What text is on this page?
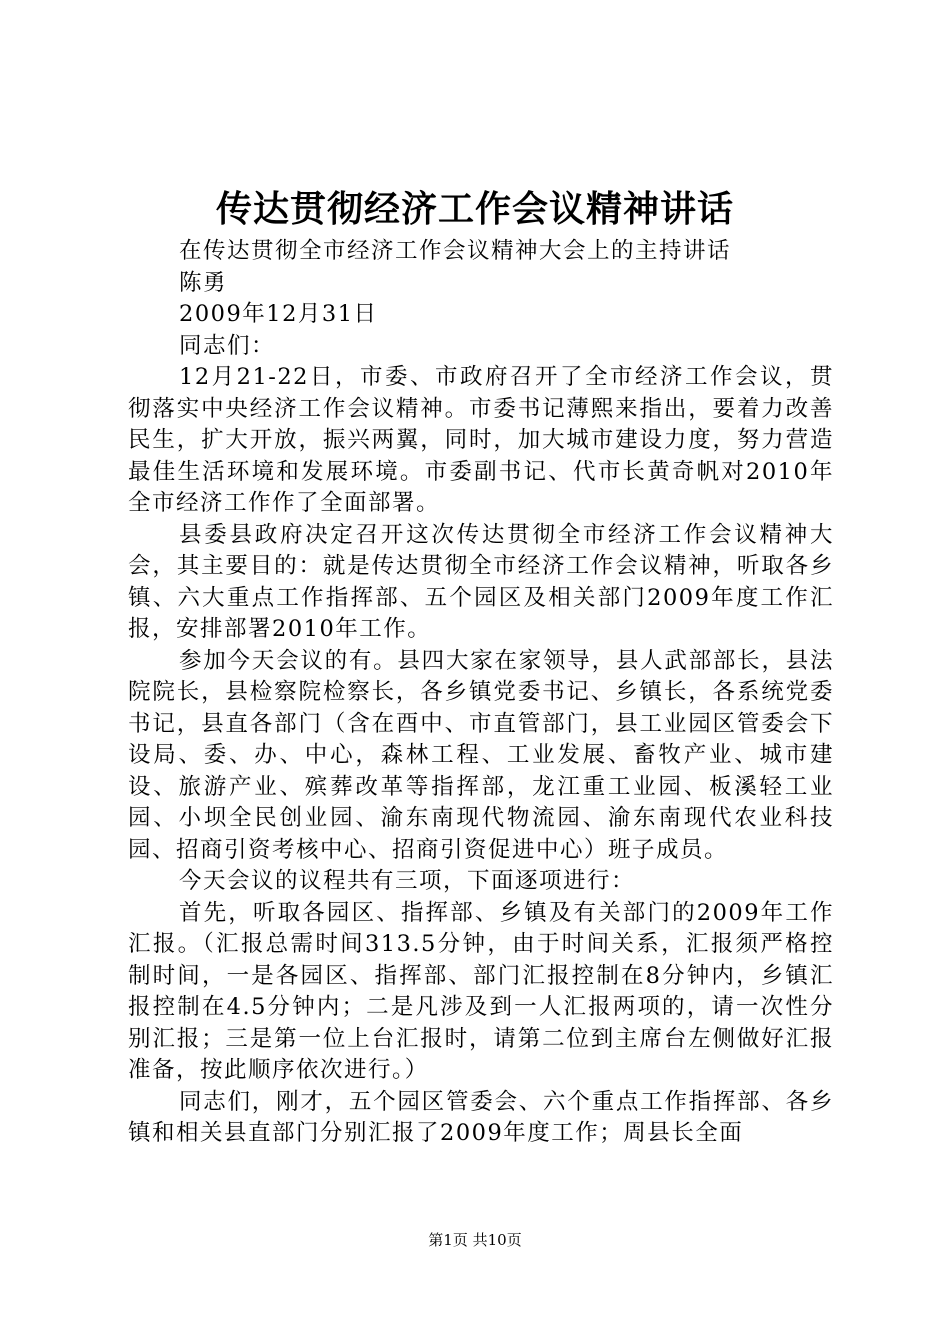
传达贯彻经济工作会议精神讲话

在传达贯彻全市经济工作会议精神大会上的主持讲话

陈勇

2009年12月31日

同志们：

12月21-22日，市委、市政府召开了全市经济工作会议，贯彻落实中央经济工作会议精神。市委书记薄熙来指出，要着力改善民生，扩大开放，振兴两翼，同时，加大城市建设力度，努力营造最佳生活环境和发展环境。市委副书记、代市长黄奇帆对2010年全市经济工作作了全面部署。

县委县政府决定召开这次传达贯彻全市经济工作会议精神大会，其主要目的：就是传达贯彻全市经济工作会议精神，听取各乡镇、六大重点工作指挥部、五个园区及相关部门2009年度工作汇报，安排部署2010年工作。

参加今天会议的有。县四大家在家领导，县人武部部长，县法院院长，县检察院检察长，各乡镇党委书记、乡镇长，各系统党委书记，县直各部门（含在酉中、市直管部门，县工业园区管委会下设局、委、办、中心，森林工程、工业发展、畜牧产业、城市建设、旅游产业、殡葬改革等指挥部，龙江重工业园、板溪轻工业园、小坝全民创业园、渝东南现代物流园、渝东南现代农业科技园、招商引资考核中心、招商引资促进中心）班子成员。

今天会议的议程共有三项，下面逐项进行：

首先，听取各园区、指挥部、乡镇及有关部门的2009年工作汇报。（汇报总需时间313.5分钟，由于时间关系，汇报须严格控制时间，一是各园区、指挥部、部门汇报控制在8分钟内，乡镇汇报控制在4.5分钟内；二是凡涉及到一人汇报两项的，请一次性分别汇报；三是第一位上台汇报时，请第二位到主席台左侧做好汇报准备，按此顺序依次进行。）

同志们，刚才，五个园区管委会、六个重点工作指挥部、各乡镇和相关县直部门分别汇报了2009年度工作；周县长全面

第1页 共10页
